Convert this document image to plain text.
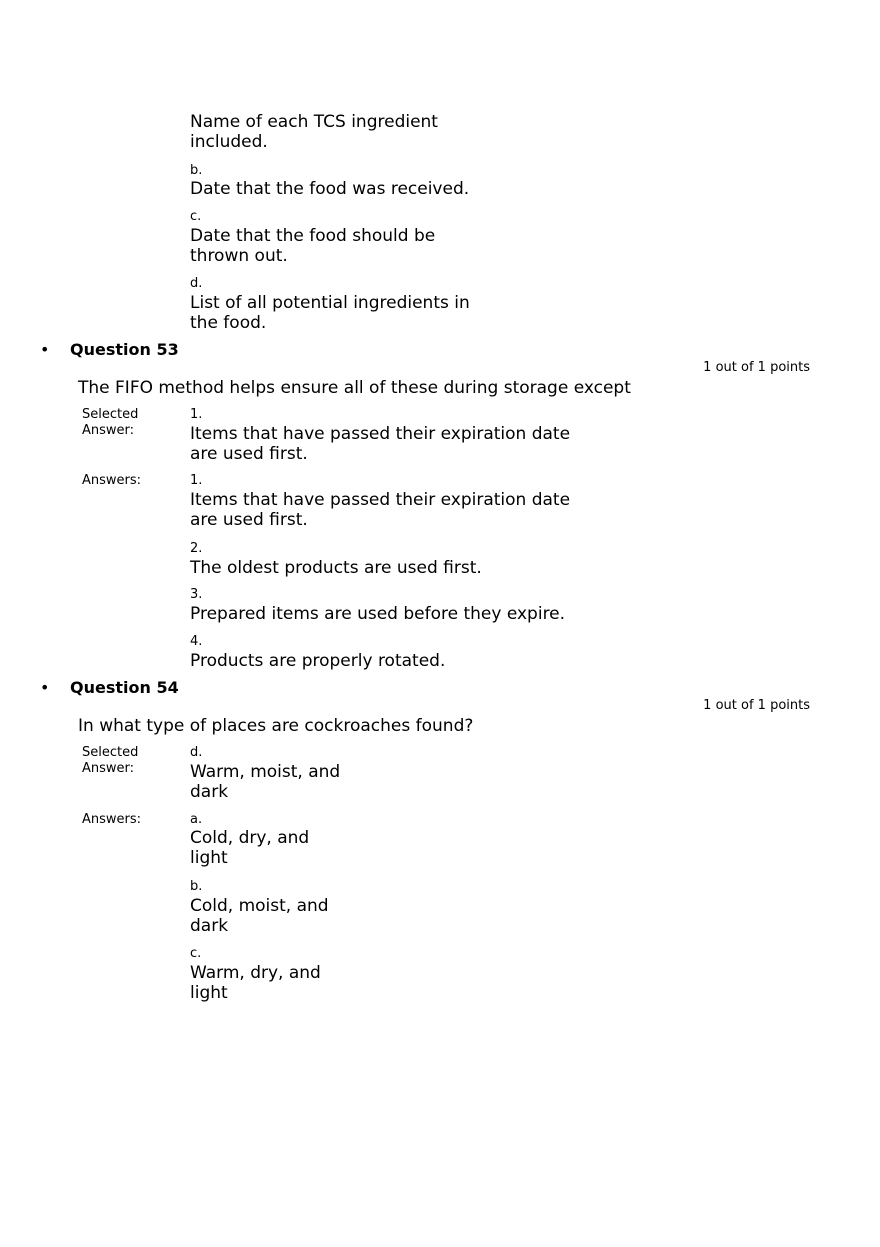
Name of each TCS ingredient
included.
b.
Date that the food was received.
c.
Date that the food should be
thrown out.
d.
List of all potential ingredients in
the food.
• Question 53
1 out of 1 points
The FIFO method helps ensure all of these during storage except
Selected
Answer:
1.
Items that have passed their expiration date
are used first.
Answers:	1.
Items that have passed their expiration date
are used first.
2.
The oldest products are used first.
3.
Prepared items are used before they expire.
4.
Products are properly rotated.
• Question 54
1 out of 1 points
In what type of places are cockroaches found?
Selected
Answer:
d.
Warm, moist, and
dark
Answers:	a.
Cold, dry, and
light
b.
Cold, moist, and
dark
c.
Warm, dry, and
light
